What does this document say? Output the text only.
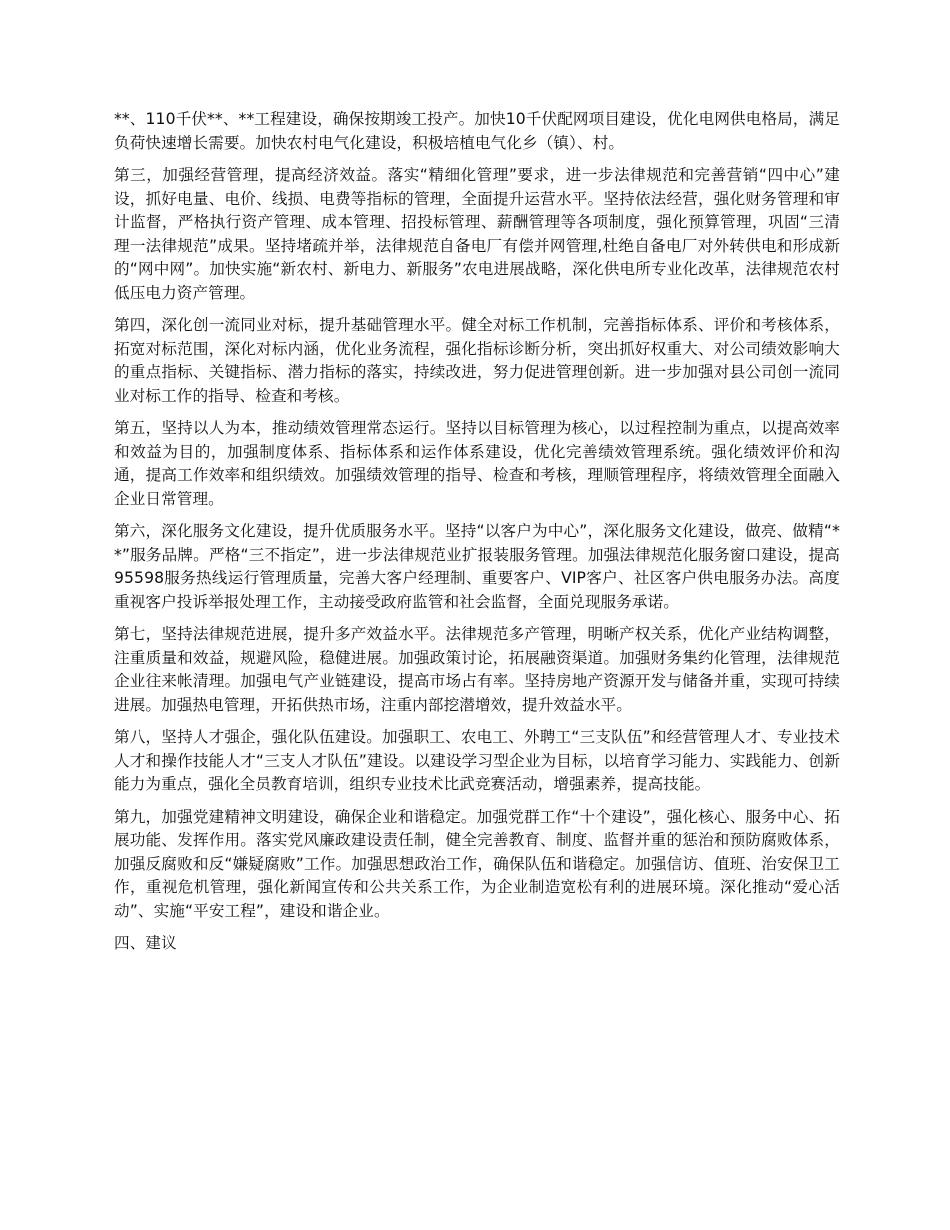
**、110千伏**、**工程建设，确保按期竣工投产。加快10千伏配网项目建设，优化电网供电格局，满足负荷快速增长需要。加快农村电气化建设，积极培植电气化乡（镇）、村。

第三，加强经营管理，提高经济效益。落实“精细化管理”要求，进一步法律规范和完善营销“四中心”建设，抓好电量、电价、线损、电费等指标的管理，全面提升运营水平。坚持依法经营，强化财务管理和审计监督，严格执行资产管理、成本管理、招投标管理、薪酬管理等各项制度，强化预算管理，巩固“三清理一法律规范”成果。坚持堵疏并举，法律规范自备电厂有偿并网管理,杜绝自备电厂对外转供电和形成新的“网中网”。加快实施“新农村、新电力、新服务”农电进展战略，深化供电所专业化改革，法律规范农村低压电力资产管理。

第四，深化创一流同业对标，提升基础管理水平。健全对标工作机制，完善指标体系、评价和考核体系，拓宽对标范围，深化对标内涵，优化业务流程，强化指标诊断分析，突出抓好权重大、对公司绩效影响大的重点指标、关键指标、潜力指标的落实，持续改进，努力促进管理创新。进一步加强对县公司创一流同业对标工作的指导、检查和考核。

第五，坚持以人为本，推动绩效管理常态运行。坚持以目标管理为核心，以过程控制为重点，以提高效率和效益为目的，加强制度体系、指标体系和运作体系建设，优化完善绩效管理系统。强化绩效评价和沟通，提高工作效率和组织绩效。加强绩效管理的指导、检查和考核，理顺管理程序，将绩效管理全面融入企业日常管理。

第六，深化服务文化建设，提升优质服务水平。坚持“以客户为中心”，深化服务文化建设，做亮、做精“**”服务品牌。严格“三不指定”，进一步法律规范业扩报装服务管理。加强法律规范化服务窗口建设，提高95598服务热线运行管理质量，完善大客户经理制、重要客户、VIP客户、社区客户供电服务办法。高度重视客户投诉举报处理工作，主动接受政府监管和社会监督，全面兑现服务承诺。

第七，坚持法律规范进展，提升多产效益水平。法律规范多产管理，明晰产权关系，优化产业结构调整，注重质量和效益，规避风险，稳健进展。加强政策讨论，拓展融资渠道。加强财务集约化管理，法律规范企业往来帐清理。加强电气产业链建设，提高市场占有率。坚持房地产资源开发与储备并重，实现可持续进展。加强热电管理，开拓供热市场，注重内部挖潜增效，提升效益水平。

第八，坚持人才强企，强化队伍建设。加强职工、农电工、外聘工“三支队伍”和经营管理人才、专业技术人才和操作技能人才“三支人才队伍”建设。以建设学习型企业为目标，以培育学习能力、实践能力、创新能力为重点，强化全员教育培训，组织专业技术比武竞赛活动，增强素养，提高技能。

第九，加强党建精神文明建设，确保企业和谐稳定。加强党群工作“十个建设”，强化核心、服务中心、拓展功能、发挥作用。落实党风廉政建设责任制，健全完善教育、制度、监督并重的惩治和预防腐败体系，加强反腐败和反“嫌疑腐败”工作。加强思想政治工作，确保队伍和谐稳定。加强信访、值班、治安保卫工作，重视危机管理，强化新闻宣传和公共关系工作，为企业制造宽松有利的进展环境。深化推动“爱心活动”、实施“平安工程”，建设和谐企业。

四、建议
